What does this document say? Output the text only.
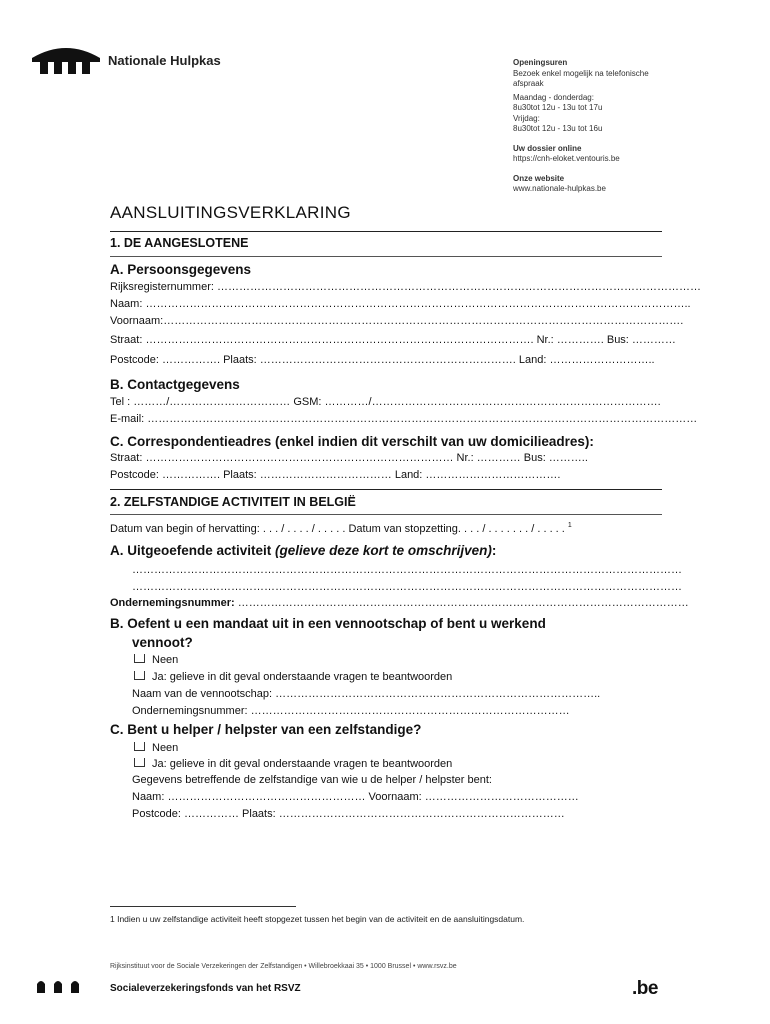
Nationale Hulpkas	Openingsuren
Bezoek enkel mogelijk na telefonische
afspraak
Maandag - donderdag:
8u30tot 12u - 13u tot 17u
Vrijdag:
8u30tot 12u - 13u tot 16u
Uw dossier online
https://cnh-eloket.ventouris.be
Onze website
www.nationale-hulpkas.be
AANSLUITINGSVERKLARING
1. DE AANGESLOTENE
A. Persoonsgegevens
Rijksregisternummer: ……………………………………………………………………………………………………………………
Naam: …………………………………………………………………………………………………………………………………..
Voornaam:…………………………………………………………………………………………………………………………….
Straat: ……………………………………………………………………………………………. Nr.: …………. Bus: …………
Postcode: ……………. Plaats: ……………………………………………………………. Land: ………………………..
B. Contactgegevens
Tel : ………/…………………………… GSM: …………/…………………………………………………………………….
E-mail: ……………………………………………………………………………………………………………………………………
C. Correspondentieadres (enkel indien dit verschilt van uw domicilieadres):
Straat: ………………………………………………………………………… Nr.: ………… Bus: ………..
Postcode: ……………. Plaats: ……………………………… Land: ……………………………….
2. ZELFSTANDIGE ACTIVITEIT IN BELGIË
Datum van begin of hervatting: . . . / . . . . / . . . . . Datum van stopzetting. . . . / . . . . . . . / . . . . . $^1$
A. Uitgeoefende activiteit (gelieve deze kort te omschrijven):
……………………………………………………………………………………………………………………………………
……………………………………………………………………………………………………………………………………
Ondernemingsnummer: ……………………………………………………………………………………………………………
B. Oefent u een mandaat uit in een vennootschap of bent u werkend
vennoot?
Neen
Ja: gelieve in dit geval onderstaande vragen te beantwoorden
Naam van de vennootschap: ……………………………………………………………………………..
Ondernemingsnummer: ……………………………………………………………………………
C. Bent u helper / helpster van een zelfstandige?
Neen
Ja: gelieve in dit geval onderstaande vragen te beantwoorden
Gegevens betreffende de zelfstandige van wie u de helper / helpster bent:
Naam: ……………………………………………… Voornaam: ……………………………………
Postcode: …………… Plaats: ……………………………………………………………………
1 Indien u uw zelfstandige activiteit heeft stopgezet tussen het begin van de activiteit en de aansluitingsdatum.
Rijksinstituut voor de Sociale Verzekeringen der Zelfstandigen • Willebroekkaai 35 • 1000 Brussel • www.rsvz.be
Socialeverzekeringsfonds van het RSVZ	.be
